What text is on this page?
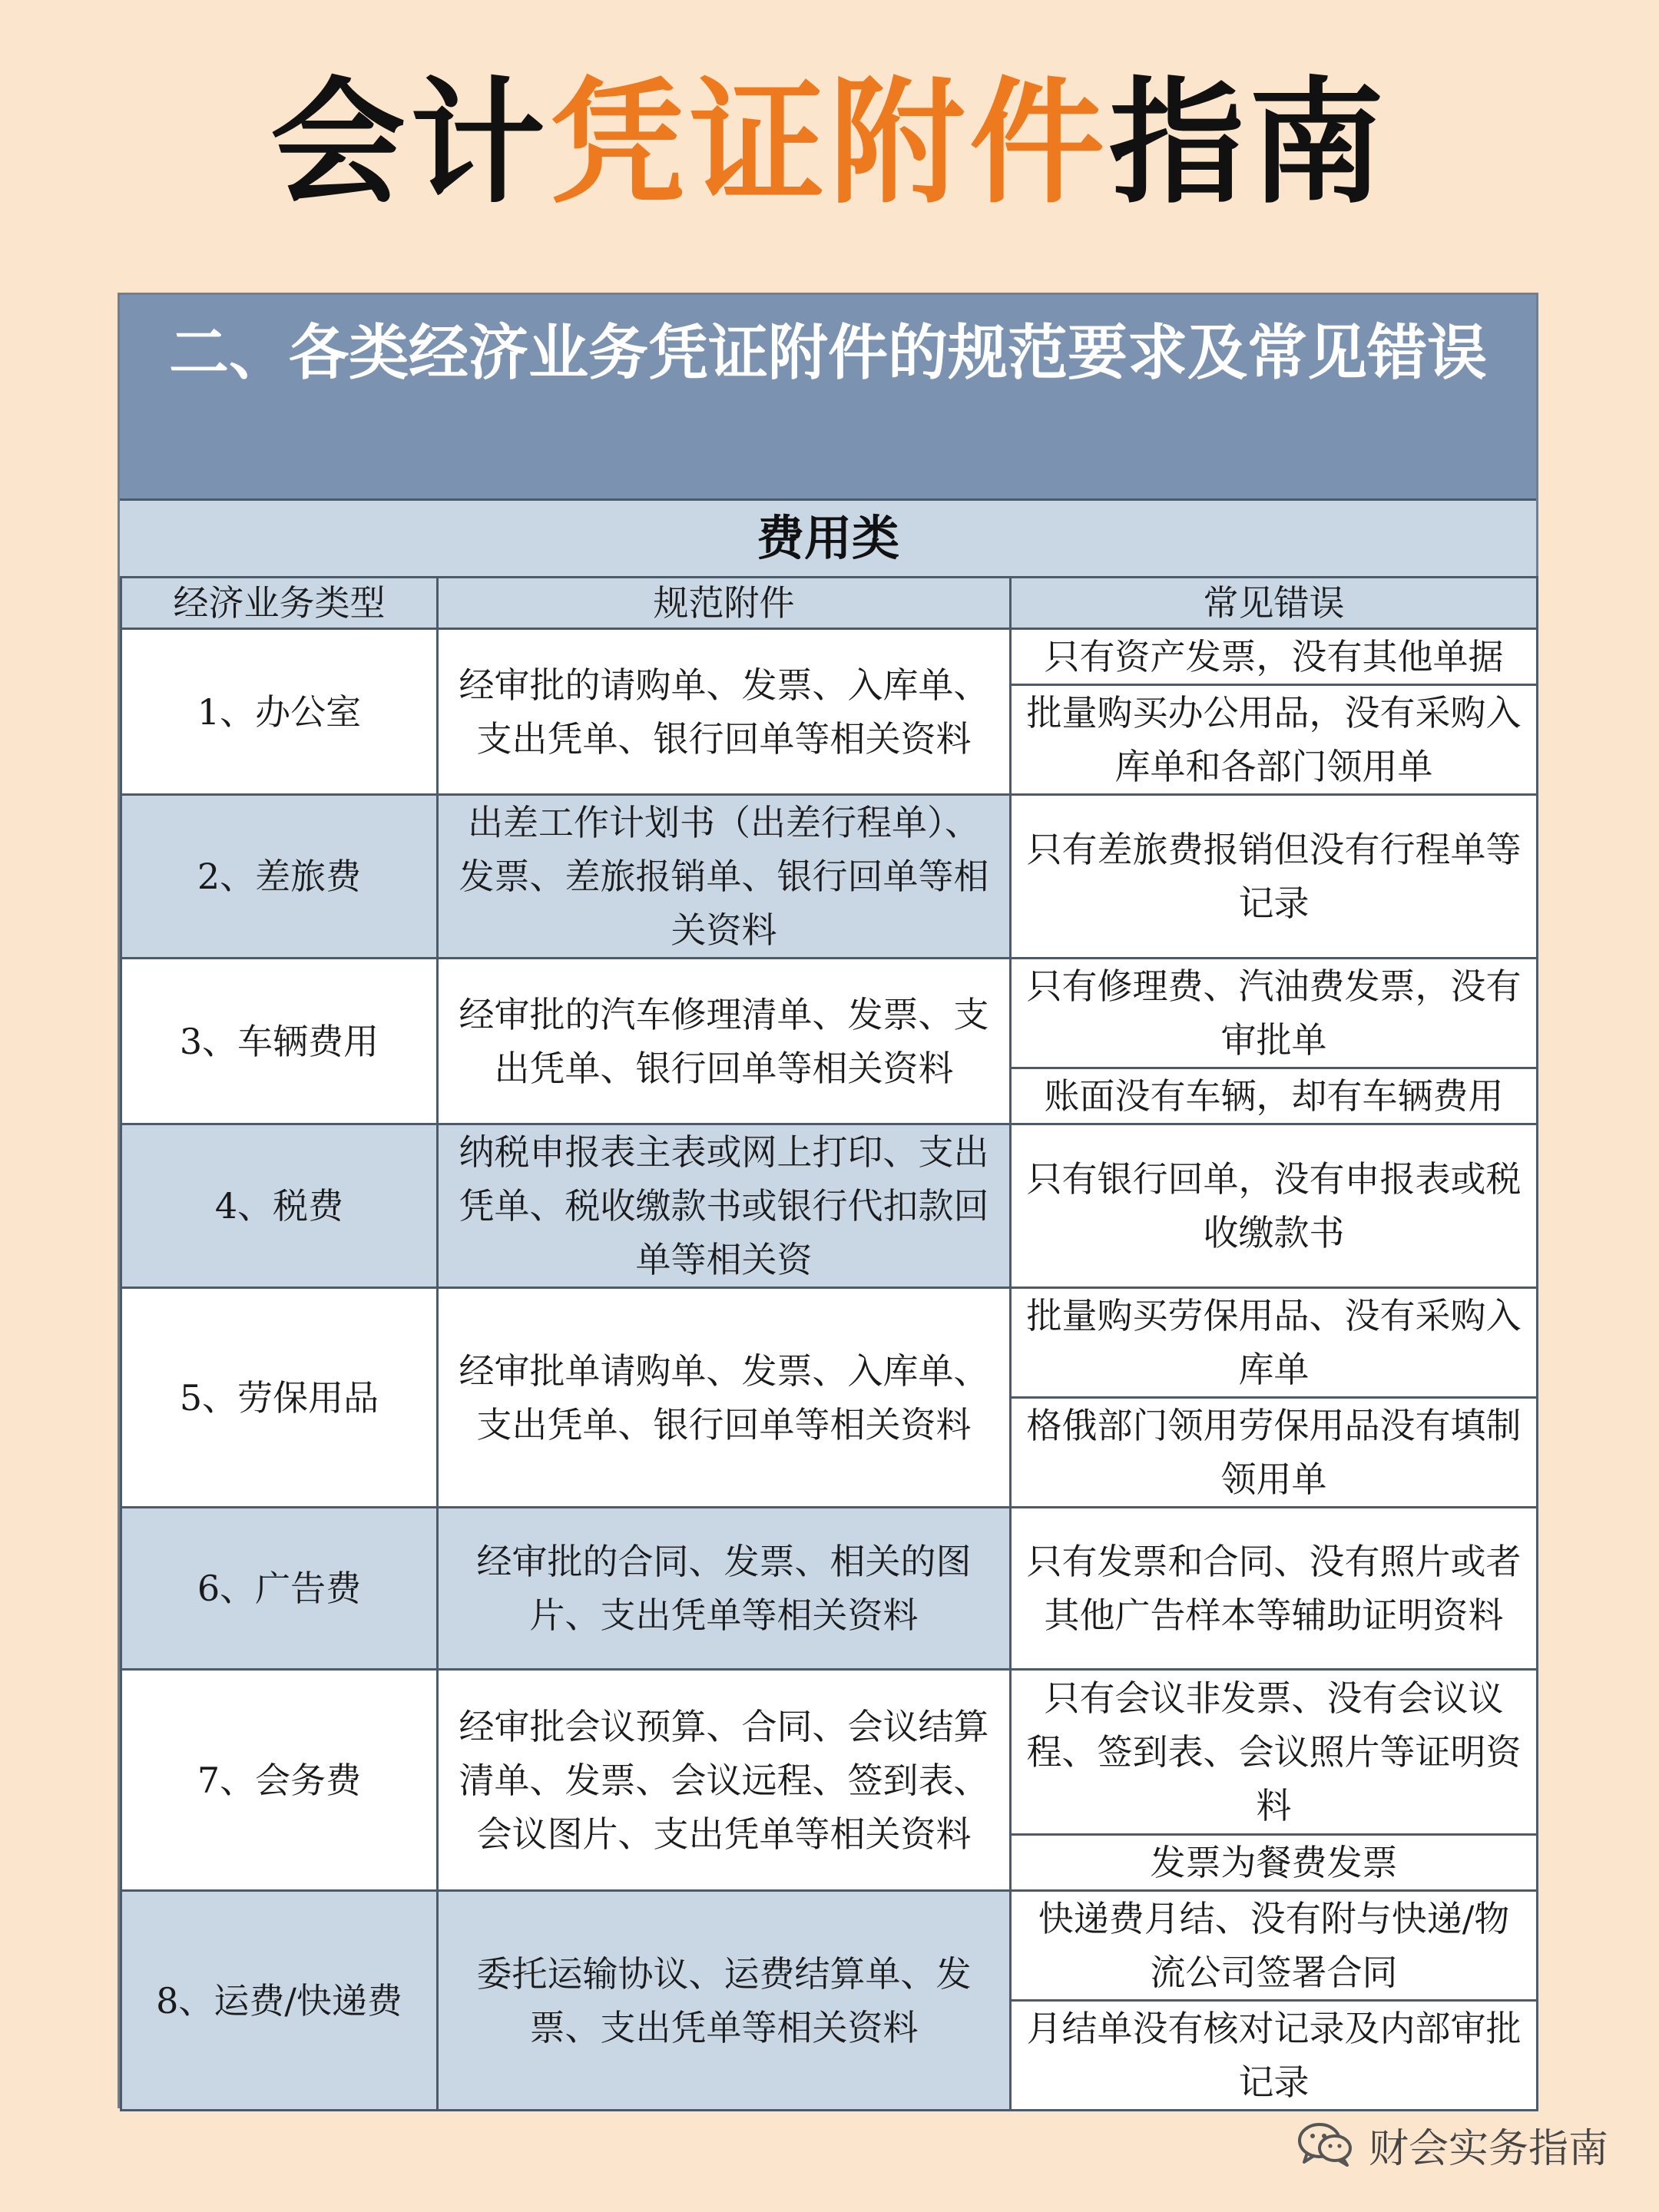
会计凭证附件指南
二、各类经济业务凭证附件的规范要求及常见错误
费用类
经济业务类型	规范附件	常见错误
1、办公室	经审批的请购单、发票、入库单、支出凭单、银行回单等相关资料	只有资产发票，没有其他单据
		批量购买办公用品，没有采购入库单和各部门领用单
2、差旅费	出差工作计划书（出差行程单）、发票、差旅报销单、银行回单等相关资料	只有差旅费报销但没有行程单等记录
3、车辆费用	经审批的汽车修理清单、发票、支出凭单、银行回单等相关资料	只有修理费、汽油费发票，没有审批单
		账面没有车辆，却有车辆费用
4、税费	纳税申报表主表或网上打印、支出凭单、税收缴款书或银行代扣款回单等相关资	只有银行回单，没有申报表或税收缴款书
5、劳保用品	经审批单请购单、发票、入库单、支出凭单、银行回单等相关资料	批量购买劳保用品、没有采购入库单
		格俄部门领用劳保用品没有填制领用单
6、广告费	经审批的合同、发票、相关的图片、支出凭单等相关资料	只有发票和合同、没有照片或者其他广告样本等辅助证明资料
7、会务费	经审批会议预算、合同、会议结算清单、发票、会议远程、签到表、会议图片、支出凭单等相关资料	只有会议非发票、没有会议议程、签到表、会议照片等证明资料
		发票为餐费发票
8、运费/快递费	委托运输协议、运费结算单、发票、支出凭单等相关资料	快递费月结、没有附与快递/物流公司签署合同
		月结单没有核对记录及内部审批记录
财会实务指南
